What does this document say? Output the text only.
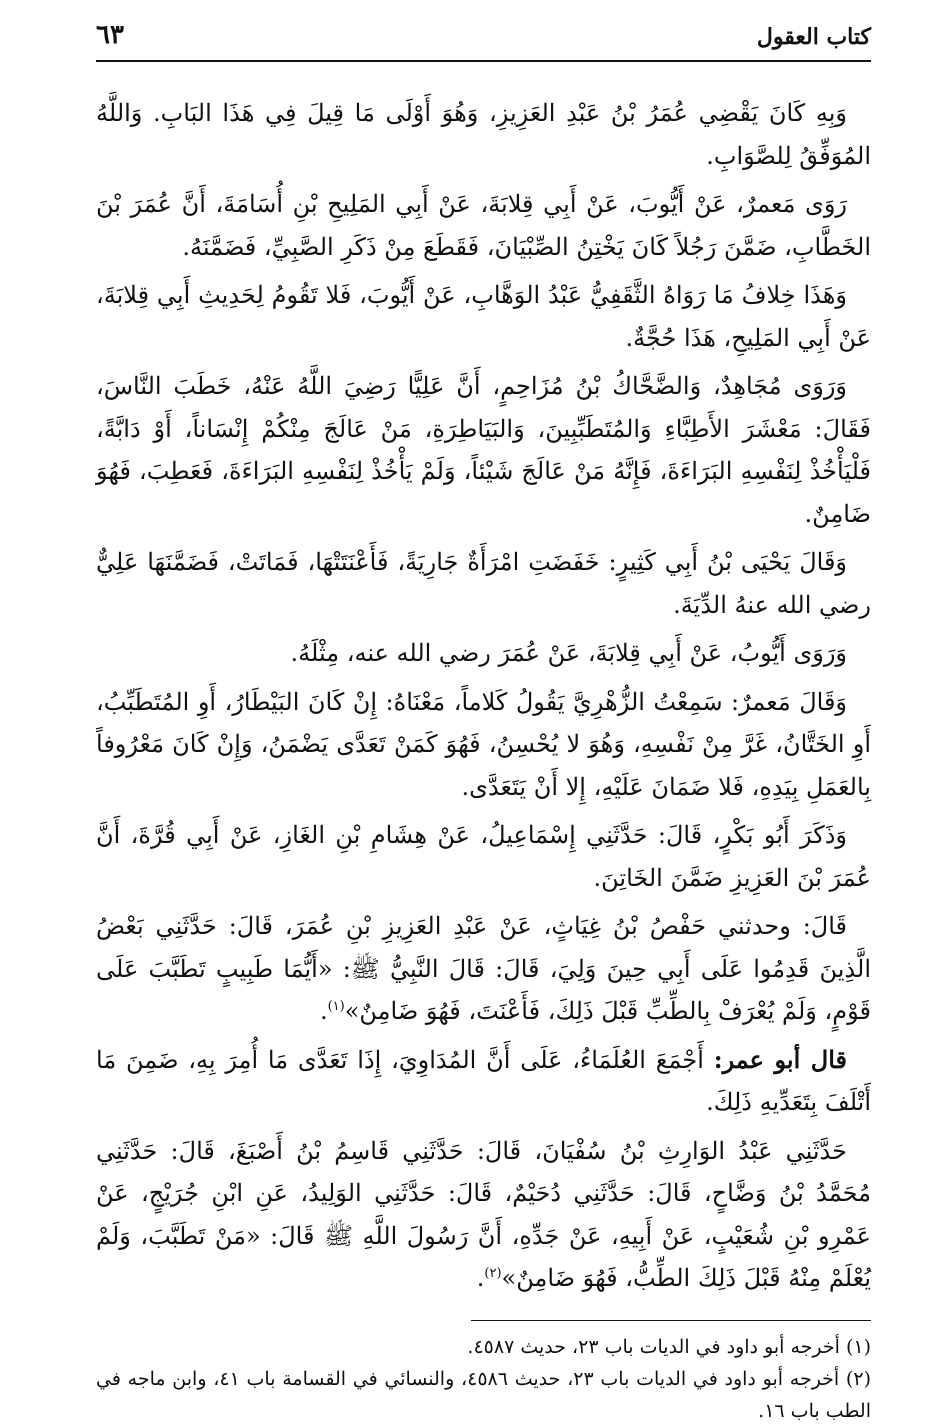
كتاب العقول
٦٣

وَبِهِ كَانَ يَقْضِي عُمَرُ بْنُ عَبْدِ العَزِيزِ، وَهُوَ أَوْلَى مَا قِيلَ فِي هَذَا البَابِ. وَاللَّهُ المُوَفِّقُ لِلصَّوَابِ.

رَوَى مَعمرٌ، عَنْ أَيُّوبَ، عَنْ أَبِي قِلابَةَ، عَنْ أَبِي المَلِيحِ بْنِ أُسَامَةَ، أَنَّ عُمَرَ بْنَ الخَطَّابِ، ضَمَّنَ رَجُلاً كَانَ يَخْتِنُ الصِّبْيَانَ، فَقَطَعَ مِنْ ذَكَرِ الصَّبِيِّ، فَضَمَّنَهُ.

وَهَذَا خِلافُ مَا رَوَاهُ الثَّقَفِيُّ عَبْدُ الوَهَّابِ، عَنْ أَيُّوبَ، فَلا تَقُومُ لِحَدِيثِ أَبِي قِلابَةَ، عَنْ أَبِي المَلِيحِ، هَذَا حُجَّةٌ.

وَرَوَى مُجَاهِدٌ، وَالضَّحَّاكُ بْنُ مُزَاحِمٍ، أَنَّ عَلِيًّا رَضِيَ اللَّهُ عَنْهُ، خَطَبَ النَّاسَ، فَقَالَ: مَعْشَرَ الأَطِبَّاءِ وَالمُتَطَبِّبِينَ، وَالبَيَاطِرَةِ، مَنْ عَالَجَ مِنْكُمْ إِنْسَاناً، أَوْ دَابَّةً، فَلْيَأْخُذْ لِنَفْسِهِ البَرَاءَةَ، فَإِنَّهُ مَنْ عَالَجَ شَيْئاً، وَلَمْ يَأْخُذْ لِنَفْسِهِ البَرَاءَةَ، فَعَطِبَ، فَهُوَ ضَامِنٌ.

وَقَالَ يَحْيَى بْنُ أَبِي كَثِيرٍ: خَفَضَتِ امْرَأَةٌ جَارِيَةً، فَأَعْنَتَتْهَا، فَمَاتَتْ، فَضَمَّنَهَا عَلِيٌّ رضي الله عنهُ الدِّيَةَ.

وَرَوَى أَيُّوبُ، عَنْ أَبِي قِلابَةَ، عَنْ عُمَرَ رضي الله عنه، مِثْلَهُ.

وَقَالَ مَعمرٌ: سَمِعْتُ الزُّهْرِيَّ يَقُولُ كَلاماً، مَعْنَاهُ: إِنْ كَانَ البَيْطَارُ، أَوِ المُتَطَبِّبُ، أَوِ الخَتَّانُ، غَرَّ مِنْ نَفْسِهِ، وَهُوَ لا يُحْسِنُ، فَهُوَ كَمَنْ تَعَدَّى يَضْمَنُ، وَإِنْ كَانَ مَعْرُوفاً بِالعَمَلِ بِيَدِهِ، فَلا ضَمَانَ عَلَيْهِ، إِلا أَنْ يَتَعَدَّى.

وَذَكَرَ أَبُو بَكْرٍ، قَالَ: حَدَّثَنِي إِسْمَاعِيلُ، عَنْ هِشَامِ بْنِ الغَازِ، عَنْ أَبِي قُرَّةَ، أَنَّ عُمَرَ بْنَ العَزِيزِ ضَمَّنَ الخَاتِنَ.

قَالَ: وحدثني حَفْصُ بْنُ غِيَاثٍ، عَنْ عَبْدِ العَزِيزِ بْنِ عُمَرَ، قَالَ: حَدَّثَنِي بَعْضُ الَّذِينَ قَدِمُوا عَلَى أَبِي حِينَ وَلِيَ، قَالَ: قَالَ النَّبِيُّ ﷺ: «أَيُّمَا طَبِيبٍ تَطَبَّبَ عَلَى قَوْمٍ، وَلَمْ يُعْرَفْ بِالطِّبِّ قَبْلَ ذَلِكَ، فَأَعْنَتَ، فَهُوَ ضَامِنٌ»$^{(١)}$.

قال أبو عمر: أَجْمَعَ العُلَمَاءُ، عَلَى أَنَّ المُدَاوِيَ، إِذَا تَعَدَّى مَا أُمِرَ بِهِ، ضَمِنَ مَا أَتْلَفَ بِتَعَدِّيهِ ذَلِكَ.

حَدَّثَنِي عَبْدُ الوَارِثِ بْنُ سُفْيَانَ، قَالَ: حَدَّثَنِي قَاسِمُ بْنُ أَصْبَغَ، قَالَ: حَدَّثَنِي مُحَمَّدُ بْنُ وَضَّاحٍ، قَالَ: حَدَّثَنِي دُحَيْمٌ، قَالَ: حَدَّثَنِي الوَلِيدُ، عَنِ ابْنِ جُرَيْجٍ، عَنْ عَمْرِو بْنِ شُعَيْبٍ، عَنْ أَبِيهِ، عَنْ جَدِّهِ، أَنَّ رَسُولَ اللَّهِ ﷺ قَالَ: «مَنْ تَطَبَّبَ، وَلَمْ يُعْلَمْ مِنْهُ قَبْلَ ذَلِكَ الطِّبُّ، فَهُوَ ضَامِنٌ»$^{(٢)}$.

(١) أخرجه أبو داود في الديات باب ٢٣، حديث ٤٥٨٧.

(٢) أخرجه أبو داود في الديات باب ٢٣، حديث ٤٥٨٦، والنسائي في القسامة باب ٤١، وابن ماجه في الطب باب ١٦.
